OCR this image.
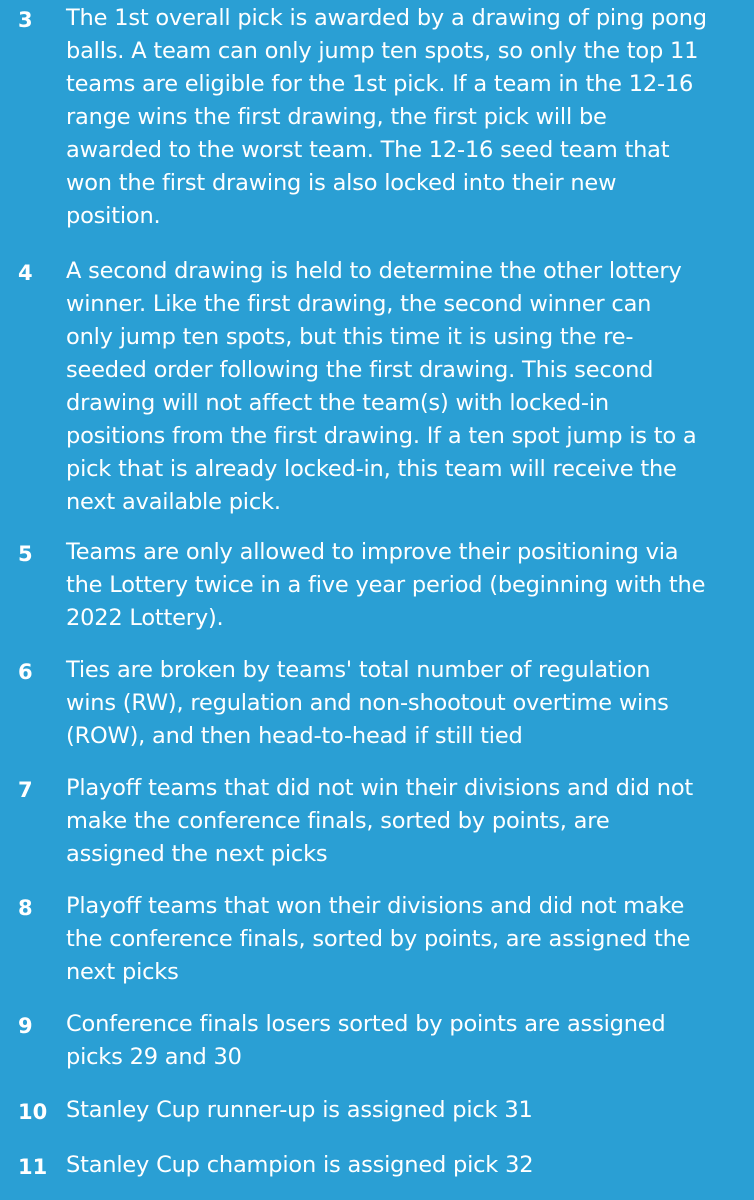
3 The 1st overall pick is awarded by a drawing of ping pong
balls. A team can only jump ten spots, so only the top 11
teams are eligible for the 1st pick. If a team in the 12-16
range wins the first drawing, the first pick will be
awarded to the worst team. The 12-16 seed team that
won the first drawing is also locked into their new
position.
4 A second drawing is held to determine the other lottery
winner. Like the first drawing, the second winner can
only jump ten spots, but this time it is using the re-
seeded order following the first drawing. This second
drawing will not affect the team(s) with locked-in
positions from the first drawing. If a ten spot jump is to a
pick that is already locked-in, this team will receive the
next available pick.
5 Teams are only allowed to improve their positioning via
the Lottery twice in a five year period (beginning with the
2022 Lottery).
6 Ties are broken by teams' total number of regulation
wins (RW), regulation and non-shootout overtime wins
(ROW), and then head-to-head if still tied
7 Playoff teams that did not win their divisions and did not
make the conference finals, sorted by points, are
assigned the next picks
8 Playoff teams that won their divisions and did not make
the conference finals, sorted by points, are assigned the
next picks
9 Conference finals losers sorted by points are assigned
picks 29 and 30
10 Stanley Cup runner-up is assigned pick 31
11 Stanley Cup champion is assigned pick 32
